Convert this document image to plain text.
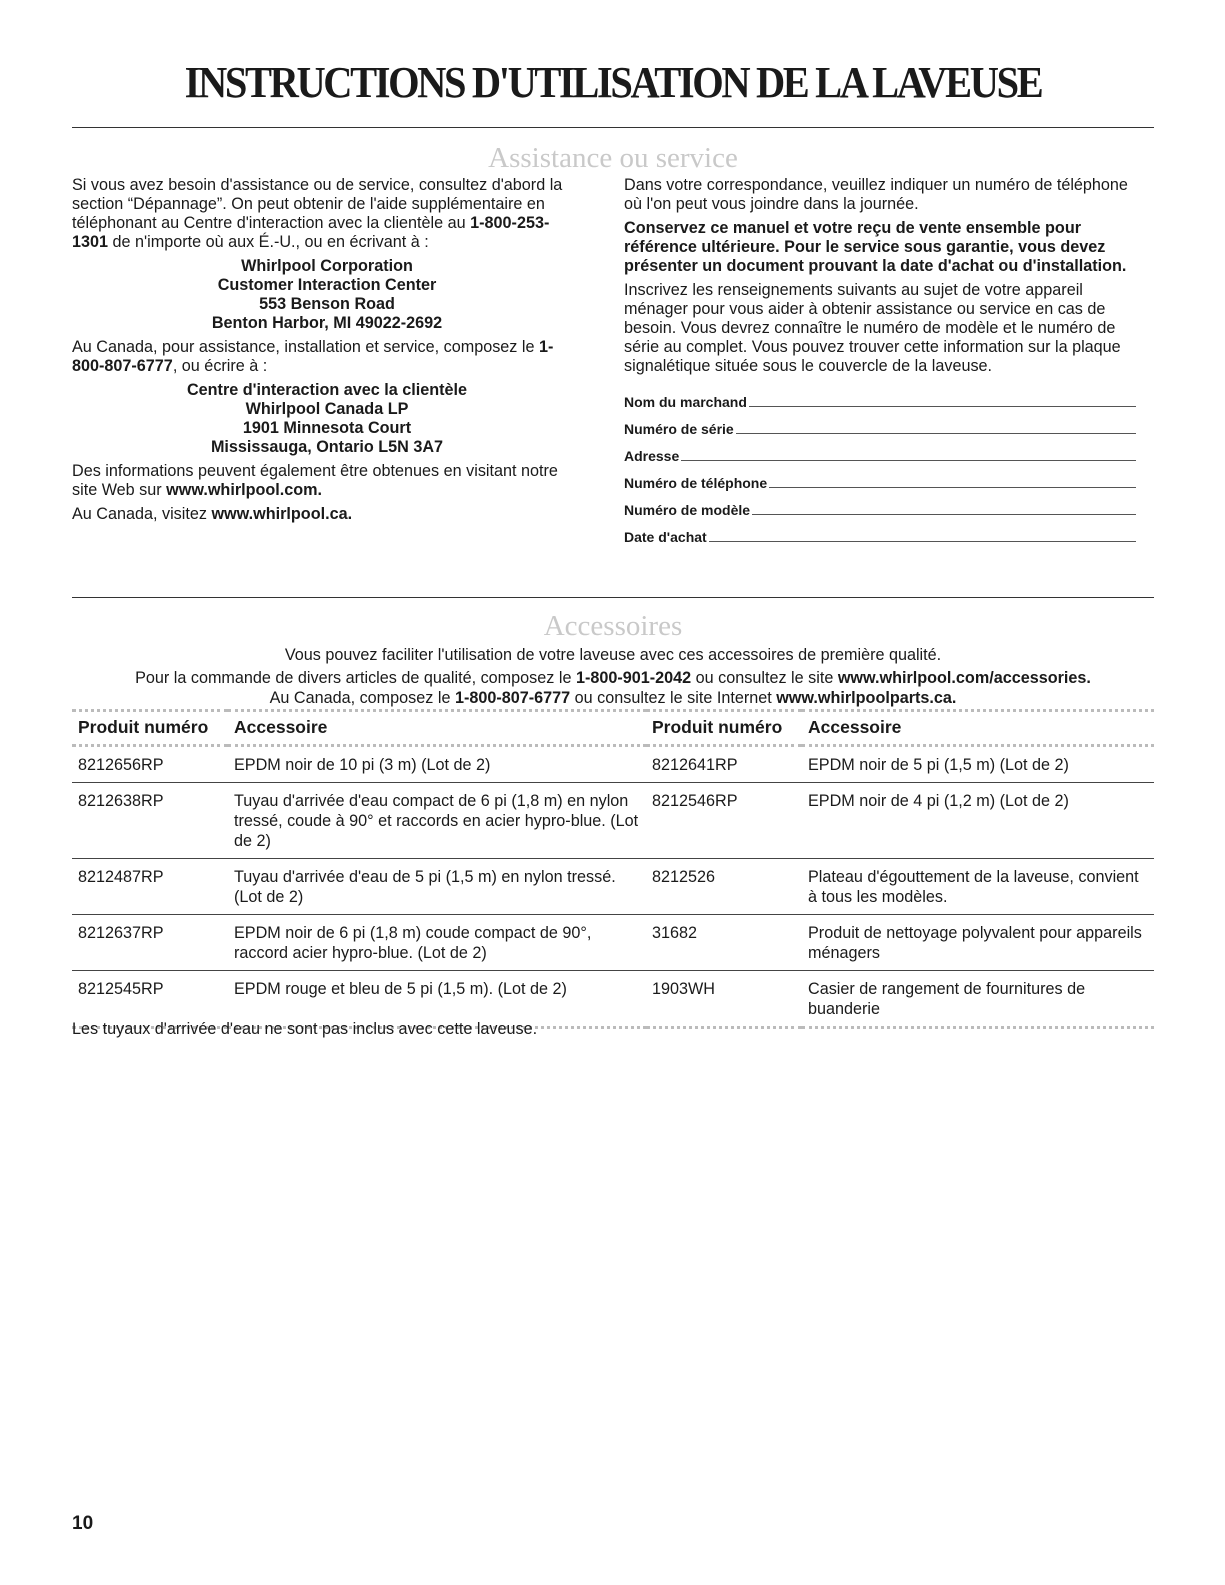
INSTRUCTIONS D'UTILISATION DE LA LAVEUSE
Assistance ou service

Si vous avez besoin d'assistance ou de service, consultez d'abord la section “Dépannage”. On peut obtenir de l'aide supplémentaire en téléphonant au Centre d'interaction avec la clientèle au 1-800-253-1301 de n'importe où aux É.-U., ou en écrivant à :

Whirlpool Corporation
Customer Interaction Center
553 Benson Road
Benton Harbor, MI 49022-2692

Au Canada, pour assistance, installation et service, composez le 1-800-807-6777, ou écrire à :

Centre d'interaction avec la clientèle
Whirlpool Canada LP
1901 Minnesota Court
Mississauga, Ontario L5N 3A7

Des informations peuvent également être obtenues en visitant notre site Web sur www.whirlpool.com.

Au Canada, visitez www.whirlpool.ca.

Dans votre correspondance, veuillez indiquer un numéro de téléphone où l'on peut vous joindre dans la journée.

Conservez ce manuel et votre reçu de vente ensemble pour référence ultérieure. Pour le service sous garantie, vous devez présenter un document prouvant la date d'achat ou d'installation.

Inscrivez les renseignements suivants au sujet de votre appareil ménager pour vous aider à obtenir assistance ou service en cas de besoin. Vous devrez connaître le numéro de modèle et le numéro de série au complet. Vous pouvez trouver cette information sur la plaque signalétique située sous le couvercle de la laveuse.

Nom du marchand
Numéro de série
Adresse
Numéro de téléphone
Numéro de modèle
Date d'achat
Accessoires
Vous pouvez faciliter l'utilisation de votre laveuse avec ces accessoires de première qualité.
Pour la commande de divers articles de qualité, composez le 1-800-901-2042 ou consultez le site www.whirlpool.com/accessories.
Au Canada, composez le 1-800-807-6777 ou consultez le site Internet www.whirlpoolparts.ca.
Produit numéro	Accessoire	Produit numéro	Accessoire
8212656RP	EPDM noir de 10 pi (3 m) (Lot de 2)	8212641RP	EPDM noir de 5 pi (1,5 m) (Lot de 2)
8212638RP	Tuyau d'arrivée d'eau compact de 6 pi (1,8 m) en nylon tressé, coude à 90° et raccords en acier hypro-blue. (Lot de 2)	8212546RP	EPDM noir de 4 pi (1,2 m) (Lot de 2)
8212487RP	Tuyau d'arrivée d'eau de 5 pi (1,5 m) en nylon tressé. (Lot de 2)	8212526	Plateau d'égouttement de la laveuse, convient à tous les modèles.
8212637RP	EPDM noir de 6 pi (1,8 m) coude compact de 90°, raccord acier hypro-blue. (Lot de 2)	31682	Produit de nettoyage polyvalent pour appareils ménagers
8212545RP	EPDM rouge et bleu de 5 pi (1,5 m). (Lot de 2)	1903WH	Casier de rangement de fournitures de buanderie
Les tuyaux d'arrivée d'eau ne sont pas inclus avec cette laveuse.
10
